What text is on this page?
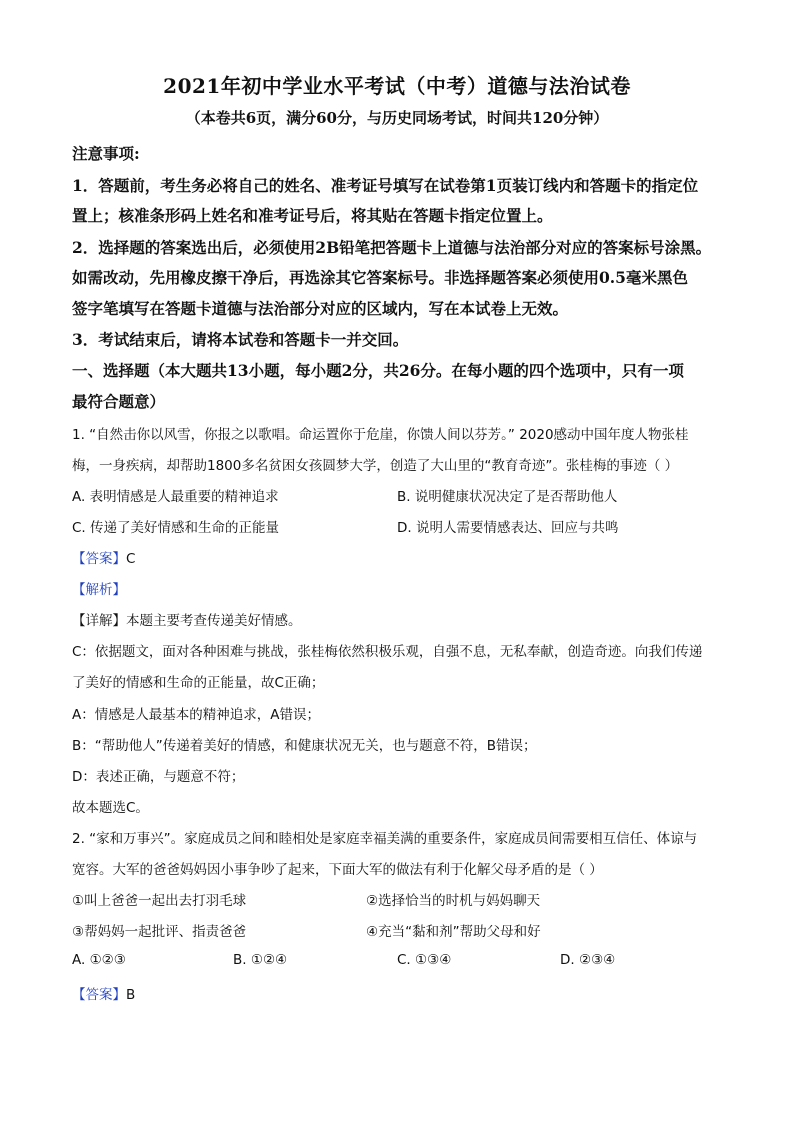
2021年初中学业水平考试（中考）道德与法治试卷
（本卷共6页，满分60分，与历史同场考试，时间共120分钟）
注意事项:
1．答题前，考生务必将自己的姓名、准考证号填写在试卷第1页装订线内和答题卡的指定位
置上；核准条形码上姓名和准考证号后，将其贴在答题卡指定位置上。
2．选择题的答案选出后，必须使用2B铅笔把答题卡上道德与法治部分对应的答案标号涂黑。
如需改动，先用橡皮擦干净后，再选涂其它答案标号。非选择题答案必须使用0.5毫米黑色
签字笔填写在答题卡道德与法治部分对应的区域内，写在本试卷上无效。
3．考试结束后，请将本试卷和答题卡一并交回。
一、选择题（本大题共13小题，每小题2分，共26分。在每小题的四个选项中，只有一项
最符合题意）
1. “自然击你以风雪，你报之以歌唱。命运置你于危崖，你馈人间以芬芳。” 2020感动中国年度人物张桂
梅，一身疾病，却帮助1800多名贫困女孩圆梦大学，创造了大山里的“教育奇迹”。张桂梅的事迹（ ）
A. 表明情感是人最重要的精神追求	B. 说明健康状况决定了是否帮助他人
C. 传递了美好情感和生命的正能量	D. 说明人需要情感表达、回应与共鸣
【答案】C
【解析】
【详解】本题主要考查传递美好情感。
C：依据题文，面对各种困难与挑战，张桂梅依然积极乐观，自强不息，无私奉献，创造奇迹。向我们传递
了美好的情感和生命的正能量，故C正确；
A：情感是人最基本的精神追求，A错误；
B：“帮助他人”传递着美好的情感，和健康状况无关，也与题意不符，B错误；
D：表述正确，与题意不符；
故本题选C。
2. “家和万事兴”。家庭成员之间和睦相处是家庭幸福美满的重要条件，家庭成员间需要相互信任、体谅与
宽容。大军的爸爸妈妈因小事争吵了起来，下面大军的做法有利于化解父母矛盾的是（ ）
①叫上爸爸一起出去打羽毛球	②选择恰当的时机与妈妈聊天
③帮妈妈一起批评、指责爸爸	④充当“黏和剂”帮助父母和好
A. ①②③	B. ①②④	C. ①③④	D. ②③④
【答案】B
